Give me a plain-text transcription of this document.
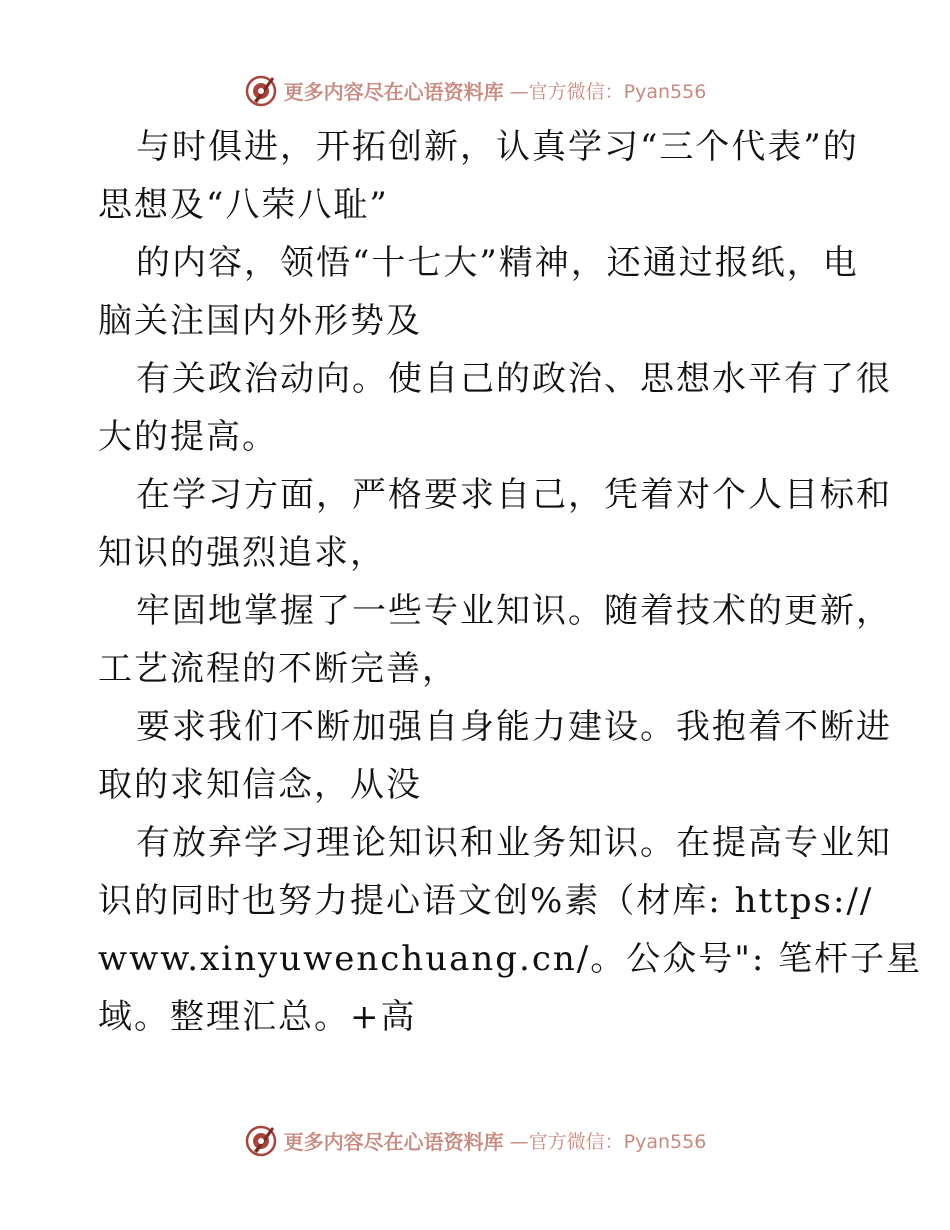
更多内容尽在心语资料库 —官方微信：Pyan556
与时俱进，开拓创新，认真学习“三个代表”的
思想及“八荣八耻”
的内容，领悟“十七大”精神，还通过报纸，电
脑关注国内外形势及
有关政治动向。使自己的政治、思想水平有了很
大的提高。
在学习方面，严格要求自己，凭着对个人目标和
知识的强烈追求，
牢固地掌握了一些专业知识。随着技术的更新，
工艺流程的不断完善，
要求我们不断加强自身能力建设。我抱着不断进
取的求知信念，从没
有放弃学习理论知识和业务知识。在提高专业知
识的同时也努力提心语文创%素（材库: https://
www.xinyuwenchuang.cn/。公众号": 笔杆子星
域。整理汇总。+高
更多内容尽在心语资料库 —官方微信：Pyan556
